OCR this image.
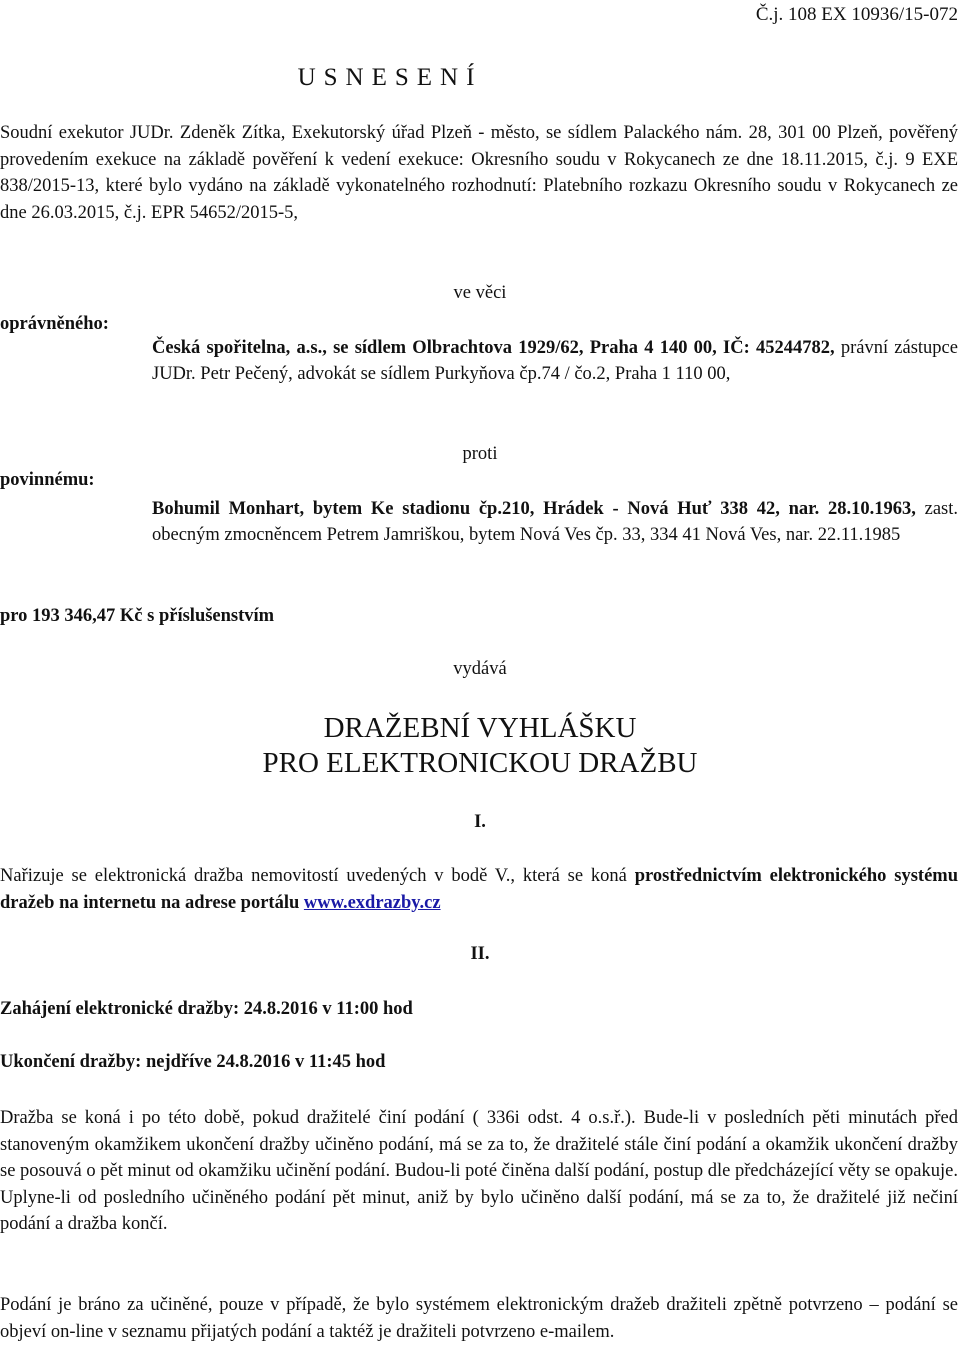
Č.j. 108 EX 10936/15-072
USNESENÍ
Soudní exekutor JUDr. Zdeněk Zítka, Exekutorský úřad Plzeň - město, se sídlem Palackého nám. 28, 301 00 Plzeň, pověřený provedením exekuce na základě pověření k vedení exekuce: Okresního soudu v Rokycanech ze dne 18.11.2015, č.j. 9 EXE 838/2015-13, které bylo vydáno na základě vykonatelného rozhodnutí: Platebního rozkazu Okresního soudu v Rokycanech ze dne 26.03.2015, č.j. EPR 54652/2015-5,
ve věci
oprávněného:
Česká spořitelna, a.s., se sídlem Olbrachtova 1929/62, Praha 4 140 00, IČ: 45244782, právní zástupce JUDr. Petr Pečený, advokát se sídlem Purkyňova čp.74 / čo.2, Praha 1 110 00,
proti
povinnému:
Bohumil Monhart, bytem Ke stadionu čp.210, Hrádek - Nová Huť 338 42, nar. 28.10.1963, zast. obecným zmocněncem Petrem Jamriškou, bytem Nová Ves čp. 33, 334 41 Nová Ves, nar. 22.11.1985
pro 193 346,47 Kč s příslušenstvím
vydává
DRAŽEBNÍ VYHLÁŠKU
PRO ELEKTRONICKOU DRAŽBU
I.
Nařizuje se elektronická dražba nemovitostí uvedených v bodě V., která se koná prostřednictvím elektronického systému dražeb na internetu na adrese portálu www.exdrazby.cz
II.
Zahájení elektronické dražby: 24.8.2016 v 11:00 hod
Ukončení dražby: nejdříve 24.8.2016 v 11:45 hod
Dražba se koná i po této době, pokud dražitelé činí podání ( 336i odst. 4 o.s.ř.). Bude-li v posledních pěti minutách před stanoveným okamžikem ukončení dražby učiněno podání, má se za to, že dražitelé stále činí podání a okamžik ukončení dražby se posouvá o pět minut od okamžiku učinění podání. Budou-li poté činěna další podání, postup dle předcházející věty se opakuje. Uplyne-li od posledního učiněného podání pět minut, aniž by bylo učiněno další podání, má se za to, že dražitelé již nečiní podání a dražba končí.
Podání je bráno za učiněné, pouze v případě, že bylo systémem elektronickým dražeb dražiteli zpětně potvrzeno – podání se objeví on-line v seznamu přijatých podání a taktéž je dražiteli potvrzeno e-mailem.
